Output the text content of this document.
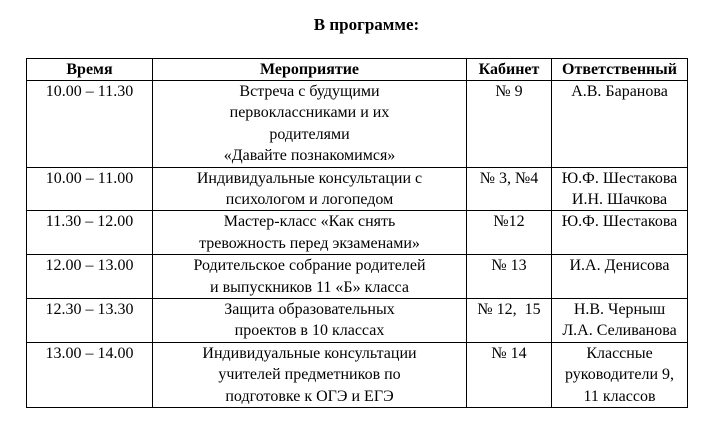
В программе:
Время	Мероприятие	Кабинет	Ответственный
10.00 – 11.30	Встреча с будущими
первоклассниками и их
родителями
«Давайте познакомимся»	№ 9	А.В. Баранова

10.00 – 11.00	Индивидуальные консультации с
психологом и логопедом	№ 3, №4	Ю.Ф. Шестакова
И.Н. Шачкова

11.30 – 12.00	Мастер-класс «Как снять
тревожность перед экзаменами»	№12	Ю.Ф. Шестакова

12.00 – 13.00	Родительское собрание родителей
и выпускников 11 «Б» класса	№ 13	И.А. Денисова

12.30 – 13.30	Защита образовательных
проектов в 10 классах	№ 12,  15	Н.В. Черныш
Л.А. Селиванова

13.00 – 14.00	Индивидуальные консультации
учителей предметников по
подготовке к ОГЭ и ЕГЭ	№ 14	Классные
руководители 9,
11 классов
